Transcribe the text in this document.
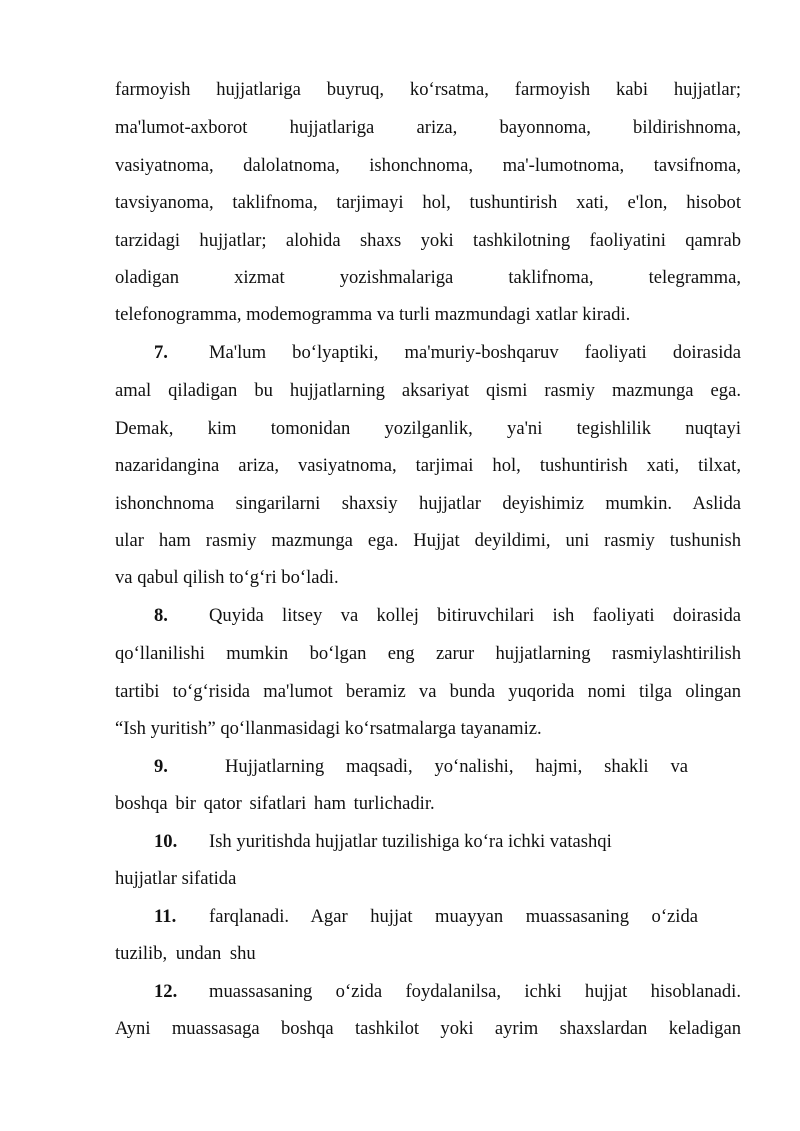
farmoyish hujjatlariga buyruq, ko‘rsatma, farmoyish kabi hujjatlar;
ma'lumot-axborot hujjatlariga ariza, bayonnoma, bildirishnoma,
vasiyatnoma, dalolatnoma, ishonchnoma, ma'-lumotnoma, tavsifnoma,
tavsiyanoma, taklifnoma, tarjimayi hol, tushuntirish xati, e'lon, hisobot
tarzidagi hujjatlar; alohida shaxs yoki tashkilotning faoliyatini qamrab
oladigan xizmat yozishmalariga taklifnoma, telegramma,
telefonogramma, modemogramma va turli mazmundagi xatlar kiradi.
7.	Ma'lum bo‘lyaptiki, ma'muriy-boshqaruv faoliyati doirasida
amal qiladigan bu hujjatlarning aksariyat qismi rasmiy mazmunga ega.
Demak, kim tomonidan yozilganlik, ya'ni tegishlilik nuqtayi
nazaridangina ariza, vasiyatnoma, tarjimai hol, tushuntirish xati, tilxat,
ishonchnoma singarilarni shaxsiy hujjatlar deyishimiz mumkin. Aslida
ular ham rasmiy mazmunga ega. Hujjat deyildimi, uni rasmiy tushunish
va qabul qilish to‘g‘ri bo‘ladi.
8.	Quyida litsey va kollej bitiruvchilari ish faoliyati doirasida
qo‘llanilishi mumkin bo‘lgan eng zarur hujjatlarning rasmiylashtirilish
tartibi to‘g‘risida ma'lumot beramiz va bunda yuqorida nomi tilga olingan
“Ish yuritish” qo‘llanmasidagi ko‘rsatmalarga tayanamiz.
9.	Hujjatlarning maqsadi, yo‘nalishi, hajmi, shakli va
boshqa bir qator sifatlari ham turlichadir.
10.	Ish yuritishda hujjatlar tuzilishiga ko‘ra ichki vatashqi
hujjatlar sifatida
11.	farqlanadi. Agar hujjat muayyan muassasaning o‘zida
tuzilib, undan shu
12.	muassasaning o‘zida foydalanilsa, ichki hujjat hisoblanadi.
Ayni muassasaga boshqa tashkilot yoki ayrim shaxslardan keladigan
